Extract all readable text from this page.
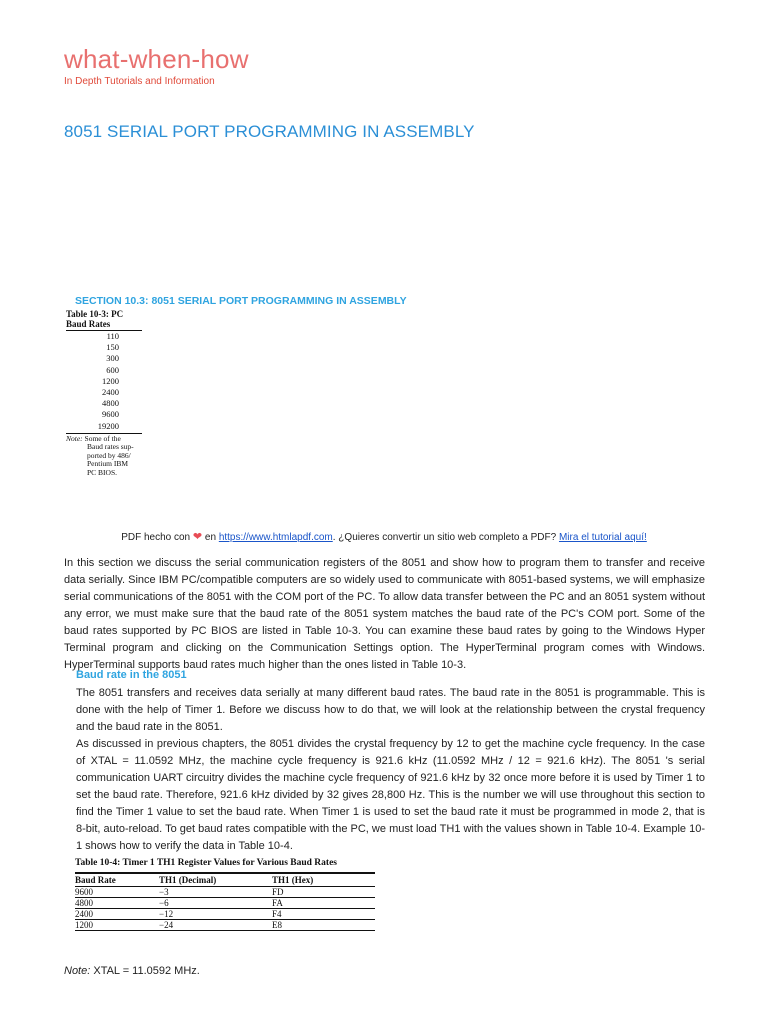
what-when-how
In Depth Tutorials and Information
8051 SERIAL PORT PROGRAMMING IN ASSEMBLY
SECTION 10.3: 8051 SERIAL PORT PROGRAMMING IN ASSEMBLY
Table 10-3: PC
Baud Rates
110
150
300
600
1200
2400
4800
9600
19200
Note: Some of the
Baud rates sup-
ported by 486/
Pentium IBM
PC BIOS.
PDF hecho con ❤ en https://www.htmlapdf.com. ¿Quieres convertir un sitio web completo a PDF? Mira el tutorial aquí!

In this section we discuss the serial communication registers of the 8051 and show how to program them to transfer and receive data serially. Since IBM PC/compatible computers are so widely used to communicate with 8051-based systems, we will emphasize serial communications of the 8051 with the COM port of the PC. To allow data transfer between the PC and an 8051 system without any error, we must make sure that the baud rate of the 8051 system matches the baud rate of the PC's COM port. Some of the baud rates supported by PC BIOS are listed in Table 10-3. You can examine these baud rates by going to the Windows Hyper Terminal program and clicking on the Communication Settings option. The HyperTerminal program comes with Windows. HyperTerminal supports baud rates much higher than the ones listed in Table 10-3.

Baud rate in the 8051

The 8051 transfers and receives data serially at many different baud rates. The baud rate in the 8051 is programmable. This is done with the help of Timer 1. Before we discuss how to do that, we will look at the relationship between the crystal frequency and the baud rate in the 8051.

As discussed in previous chapters, the 8051 divides the crystal frequency by 12 to get the machine cycle frequency. In the case of XTAL = 11.0592 MHz, the machine cycle frequency is 921.6 kHz (11.0592 MHz / 12 = 921.6 kHz). The 8051 's serial communication UART circuitry divides the machine cycle frequency of 921.6 kHz by 32 once more before it is used by Timer 1 to set the baud rate. Therefore, 921.6 kHz divided by 32 gives 28,800 Hz. This is the number we will use throughout this section to find the Timer 1 value to set the baud rate. When Timer 1 is used to set the baud rate it must be programmed in mode 2, that is 8-bit, auto-reload. To get baud rates compatible with the PC, we must load TH1 with the values shown in Table 10-4. Example 10-1 shows how to verify the data in Table 10-4.

Table 10-4: Timer 1 TH1 Register Values for Various Baud Rates
Baud Rate	TH1 (Decimal)	TH1 (Hex)
9600	−3	FD
4800	−6	FA
2400	−12	F4
1200	−24	E8
Note: XTAL = 11.0592 MHz.
